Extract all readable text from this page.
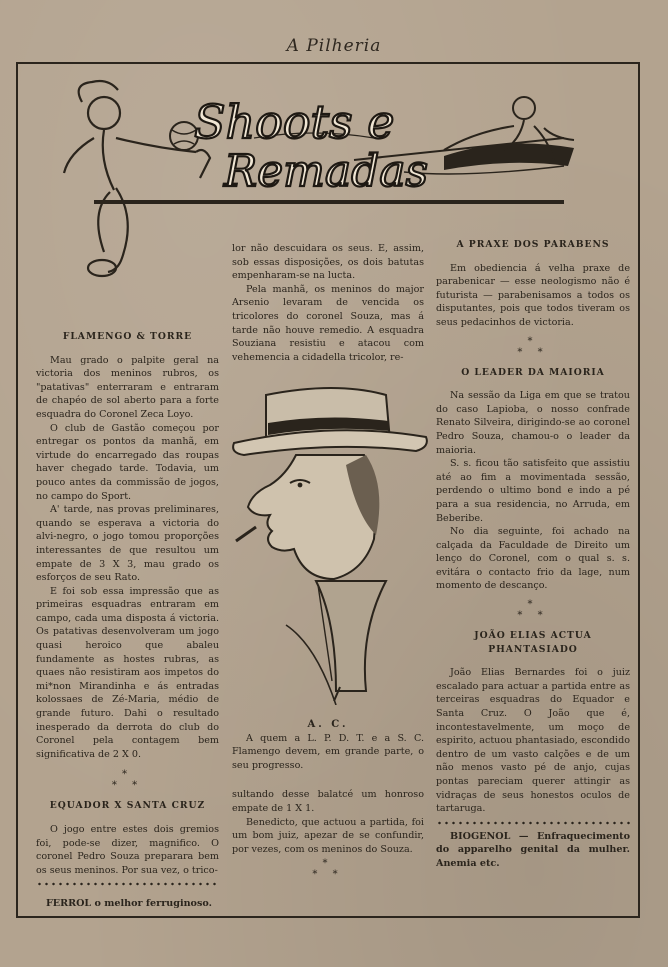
A Pilheria
Shoots e
Remadas
FLAMENGO & TORRE

Mau grado o palpite geral na victoria dos meninos rubros, os "patativas" enterraram e entraram de chapéo de sol aberto para a forte esquadra do Coronel Zeca Loyo.

O club de Gastão começou por entregar os pontos da manhã, em virtude do encarregado das roupas haver chegado tarde. Todavia, um pouco antes da commissão de jogos, no campo do Sport.

A' tarde, nas provas preliminares, quando se esperava a victoria do alvi-negro, o jogo tomou proporções interessantes de que resultou um empate de 3 X 3, mau grado os esforços de seu Rato.

E foi sob essa impressão que as primeiras esquadras entraram em campo, cada uma disposta á victoria. Os patativas desenvolveram um jogo quasi heroico que abaleu fundamente as hostes rubras, as quaes não resistiram aos impetos do mi*non Mirandinha e ás entradas kolossaes de Zé-Maria, médio de grande futuro. Dahi o resultado inesperado da derrota do club do Coronel pela contagem bem significativa de 2 X 0.

*
* *
EQUADOR X SANTA CRUZ

O jogo entre estes dois gremios foi, pode-se dizer, magnifico. O coronel Pedro Souza preparara bem os seus meninos. Por sua vez, o trico-

FERROL o melhor ferruginoso.

lor não descuidara os seus. E, assim, sob essas disposições, os dois batutas empenharam-se na lucta.

Pela manhã, os meninos do major Arsenio levaram de vencida os tricolores do coronel Souza, mas á tarde não houve remedio. A esquadra Souziana resistiu e atacou com vehemencia a cidadella tricolor, re-

A. C.

A quem a L. P. D. T. e a S. C. Flamengo devem, em grande parte, o seu progresso.

sultando desse balatcé um honroso empate de 1 X 1.

Benedicto, que actuou a partida, foi um bom juiz, apezar de se confundir, por vezes, com os meninos do Souza.

*
* *
A PRAXE DOS PARABENS

Em obediencia á velha praxe de parabenicar — esse neologismo não é futurista — parabenisamos a todos os disputantes, pois que todos tiveram os seus pedacinhos de victoria.

*
* *
O LEADER DA MAIORIA

Na sessão da Liga em que se tratou do caso Lapioba, o nosso confrade Renato Silveira, dirigindo-se ao coronel Pedro Souza, chamou-o o leader da maioria.

S. s. ficou tão satisfeito que assistiu até ao fim a movimentada sessão, perdendo o ultimo bond e indo a pé para a sua residencia, no Arruda, em Beberibe.

No dia seguinte, foi achado na calçada da Faculdade de Direito um lenço do Coronel, com o qual s. s. evitára o contacto frio da lage, num momento de descanço.

*
* *
JOÃO ELIAS ACTUA PHANTASIADO

João Elias Bernardes foi o juiz escalado para actuar a partida entre as terceiras esquadras do Equador e Santa Cruz. O João que é, incontestavelmente, um moço de espirito, actuou phantasiado, escondido dentro de um vasto calções e de um não menos vasto pé de anjo, cujas pontas pareciam querer attingir as vidraças de seus honestos oculos de tartaruga.

BIOGENOL — Enfraquecimento do apparelho genital da mulher. Anemia etc.
